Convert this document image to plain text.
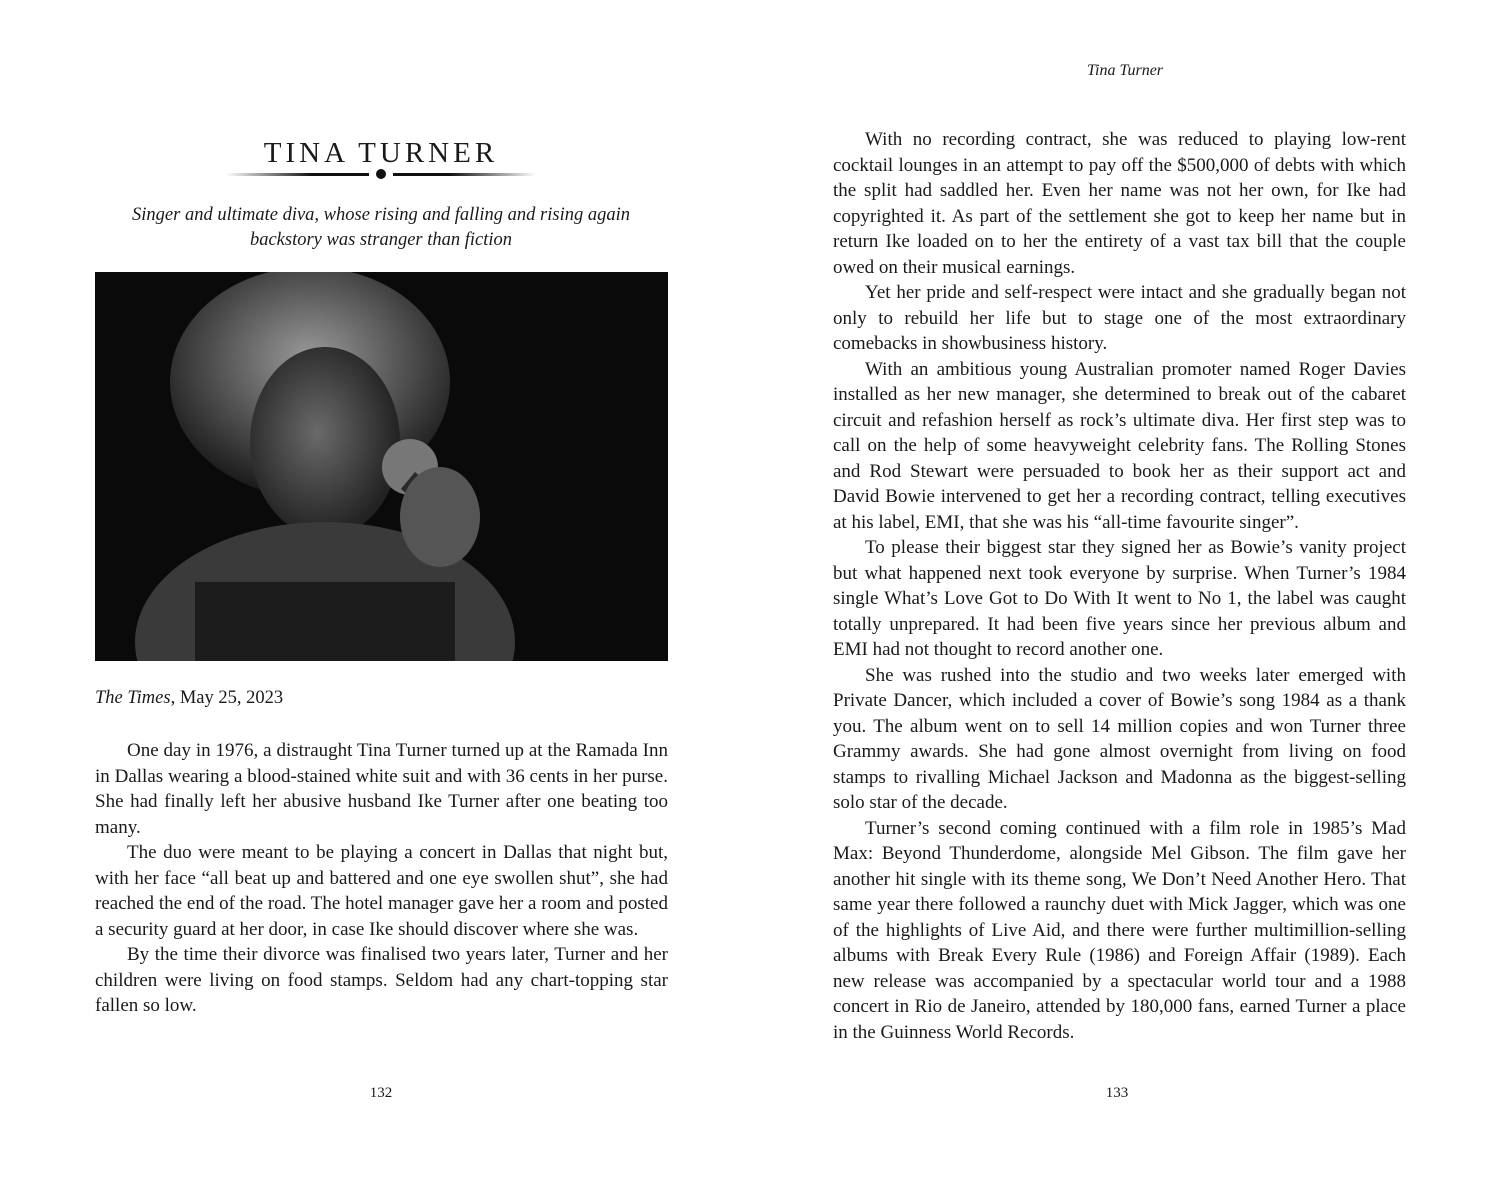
TINA TURNER
Singer and ultimate diva, whose rising and falling and rising again backstory was stranger than fiction
The Times, May 25, 2023

One day in 1976, a distraught Tina Turner turned up at the Ramada Inn in Dallas wearing a blood-stained white suit and with 36 cents in her purse. She had finally left her abusive husband Ike Turner after one beating too many.

The duo were meant to be playing a concert in Dallas that night but, with her face “all beat up and battered and one eye swollen shut”, she had reached the end of the road. The hotel manager gave her a room and posted a security guard at her door, in case Ike should discover where she was.

By the time their divorce was finalised two years later, Turner and her children were living on food stamps. Seldom had any chart-topping star fallen so low.

132
Tina Turner

With no recording contract, she was reduced to playing low-rent cocktail lounges in an attempt to pay off the $500,000 of debts with which the split had saddled her. Even her name was not her own, for Ike had copyrighted it. As part of the settlement she got to keep her name but in return Ike loaded on to her the entirety of a vast tax bill that the couple owed on their musical earnings.

Yet her pride and self-respect were intact and she gradually began not only to rebuild her life but to stage one of the most extraordinary comebacks in showbusiness history.

With an ambitious young Australian promoter named Roger Davies installed as her new manager, she determined to break out of the cabaret circuit and refashion herself as rock’s ultimate diva. Her first step was to call on the help of some heavyweight celebrity fans. The Rolling Stones and Rod Stewart were persuaded to book her as their support act and David Bowie intervened to get her a recording contract, telling executives at his label, EMI, that she was his “all-time favourite singer”.

To please their biggest star they signed her as Bowie’s vanity project but what happened next took everyone by surprise. When Turner’s 1984 single What’s Love Got to Do With It went to No 1, the label was caught totally unprepared. It had been five years since her previous album and EMI had not thought to record another one.

She was rushed into the studio and two weeks later emerged with Private Dancer, which included a cover of Bowie’s song 1984 as a thank you. The album went on to sell 14 million copies and won Turner three Grammy awards. She had gone almost overnight from living on food stamps to rivalling Michael Jackson and Madonna as the biggest-selling solo star of the decade.

Turner’s second coming continued with a film role in 1985’s Mad Max: Beyond Thunderdome, alongside Mel Gibson. The film gave her another hit single with its theme song, We Don’t Need Another Hero. That same year there followed a raunchy duet with Mick Jagger, which was one of the highlights of Live Aid, and there were further multimillion-selling albums with Break Every Rule (1986) and Foreign Affair (1989). Each new release was accompanied by a spectacular world tour and a 1988 concert in Rio de Janeiro, attended by 180,000 fans, earned Turner a place in the Guinness World Records.

133
